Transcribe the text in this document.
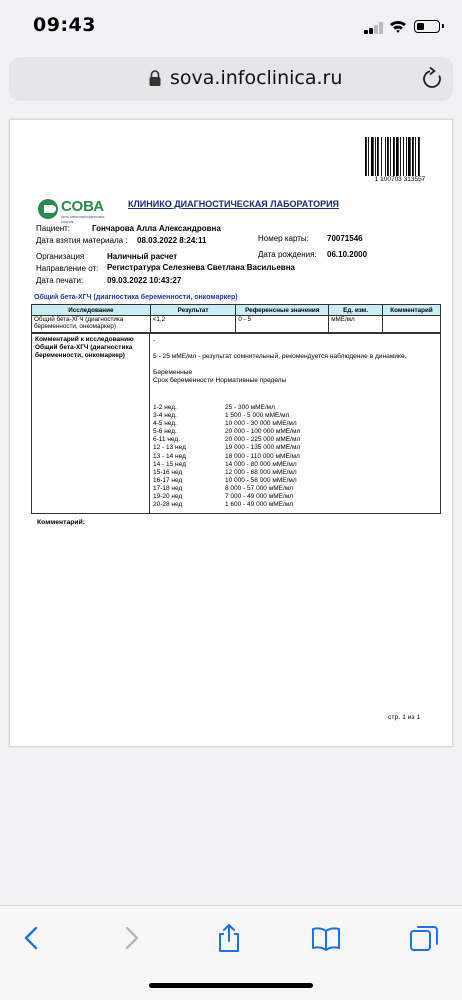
09:43
sova.infoclinica.ru
1 100703 313557
СОВА
сеть многопрофильных клиник
КЛИНИКО ДИАГНОСТИЧЕСКАЯ ЛАБОРАТОРИЯ
Пациент:	Гончарова Алла Александровна
Дата взятия материала : 08.03.2022 8:24:11	Номер карты: 70071546
Организация	Наличный расчет	Дата рождения: 06.10.2000
Направление от: Регистратура Селезнева Светлана Васильевна
Дата печати:	09.03.2022 10:43:27
Общий бета-ХГЧ (диагностика беременности, онкомаркер)
Исследование	Результат	Референсные значения	Ед. изм.	Комментарий
Общий бета-ХГЧ (диагностика беременности, онкомаркер)	<1.2	0 - 5	мМЕ/мл	
Комментарий к исследованию Общий бета-ХГЧ (диагностика беременности, онкомаркер)
-
5 - 25 мМЕ/мл - результат сомнительный, рекомендуется наблюдение в динамике.
Беременные
Срок беременности Нормативные пределы
1-2 нед.	25 - 300 мМЕ/мл
3-4 нед.	1 500 - 5 000 мМЕ/мл
4-5 нед.	10 000 - 30 000 мМЕ/мл
5-6 нед.	20 000 - 100 000 мМЕ/мл
6-11 нед.	20 000 - 225 000 мМЕ/мл
12 - 13 нед	19 000 - 135 000 мМЕ/мл
13 - 14 нед	18 000 - 110 000 мМЕ/мл
14 - 15 нед	14 000 - 80 000 мМЕ/мл
15-16 нед	12 000 - 68 000 мМЕ/мл
16-17 нед	10 000 - 58 000 мМЕ/мл
17-18 нед	8 000 - 57 000 мМЕ/мл
19-20 нед	7 000 - 49 000 мМЕ/мл
20-28 нед	1 600 - 49 000 мМЕ/мл
Комментарий:
стр. 1 из 1
